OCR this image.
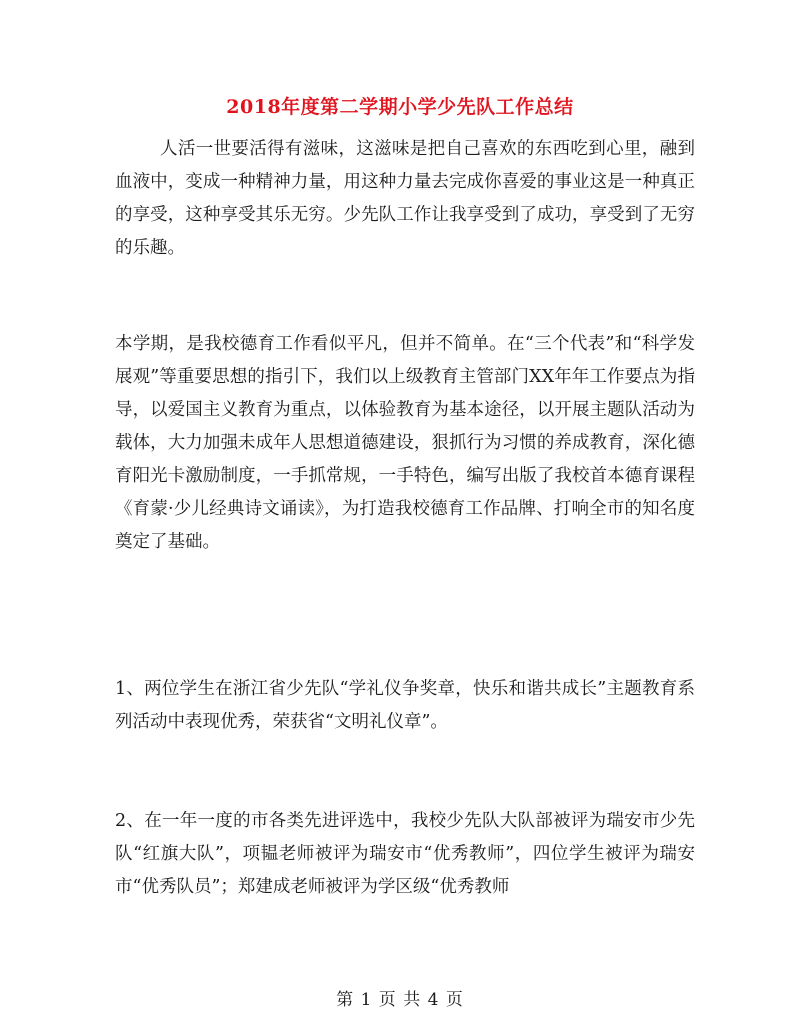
2018年度第二学期小学少先队工作总结
人活一世要活得有滋味，这滋味是把自己喜欢的东西吃到心里，融到血液中，变成一种精神力量，用这种力量去完成你喜爱的事业这是一种真正的享受，这种享受其乐无穷。少先队工作让我享受到了成功，享受到了无穷的乐趣。
本学期，是我校德育工作看似平凡，但并不简单。在“三个代表”和“科学发展观”等重要思想的指引下，我们以上级教育主管部门XX年年工作要点为指导，以爱国主义教育为重点，以体验教育为基本途径，以开展主题队活动为载体，大力加强未成年人思想道德建设，狠抓行为习惯的养成教育，深化德育阳光卡激励制度，一手抓常规，一手特色，编写出版了我校首本德育课程《育蒙·少儿经典诗文诵读》，为打造我校德育工作品牌、打响全市的知名度奠定了基础。
1、两位学生在浙江省少先队“学礼仪争奖章，快乐和谐共成长”主题教育系列活动中表现优秀，荣获省“文明礼仪章”。
2、在一年一度的市各类先进评选中，我校少先队大队部被评为瑞安市少先队“红旗大队”，项韫老师被评为瑞安市“优秀教师”，四位学生被评为瑞安市“优秀队员”；郑建成老师被评为学区级“优秀教师
第 1 页 共 4 页
